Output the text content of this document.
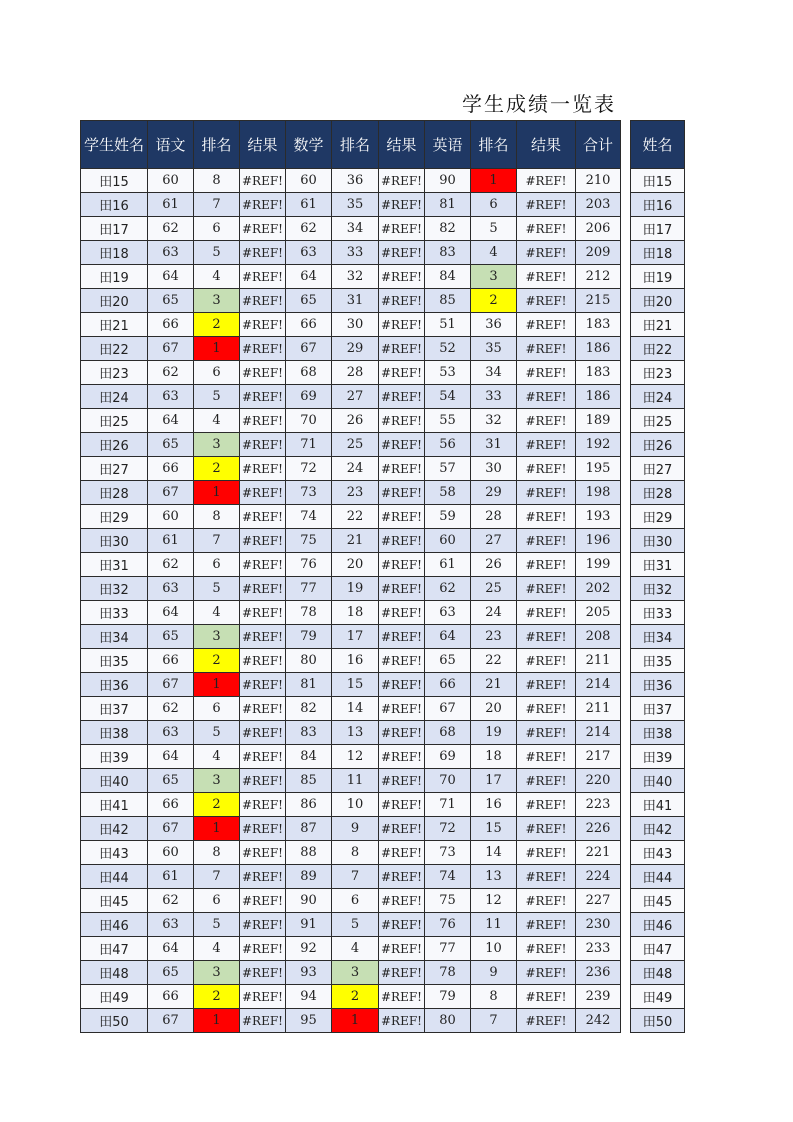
学生成绩一览表
学生姓名	语文	排名	结果	数学	排名	结果	英语	排名	结果	合计
田15	60	8	#REF!	60	36	#REF!	90	1	#REF!	210
田16	61	7	#REF!	61	35	#REF!	81	6	#REF!	203
田17	62	6	#REF!	62	34	#REF!	82	5	#REF!	206
田18	63	5	#REF!	63	33	#REF!	83	4	#REF!	209
田19	64	4	#REF!	64	32	#REF!	84	3	#REF!	212
田20	65	3	#REF!	65	31	#REF!	85	2	#REF!	215
田21	66	2	#REF!	66	30	#REF!	51	36	#REF!	183
田22	67	1	#REF!	67	29	#REF!	52	35	#REF!	186
田23	62	6	#REF!	68	28	#REF!	53	34	#REF!	183
田24	63	5	#REF!	69	27	#REF!	54	33	#REF!	186
田25	64	4	#REF!	70	26	#REF!	55	32	#REF!	189
田26	65	3	#REF!	71	25	#REF!	56	31	#REF!	192
田27	66	2	#REF!	72	24	#REF!	57	30	#REF!	195
田28	67	1	#REF!	73	23	#REF!	58	29	#REF!	198
田29	60	8	#REF!	74	22	#REF!	59	28	#REF!	193
田30	61	7	#REF!	75	21	#REF!	60	27	#REF!	196
田31	62	6	#REF!	76	20	#REF!	61	26	#REF!	199
田32	63	5	#REF!	77	19	#REF!	62	25	#REF!	202
田33	64	4	#REF!	78	18	#REF!	63	24	#REF!	205
田34	65	3	#REF!	79	17	#REF!	64	23	#REF!	208
田35	66	2	#REF!	80	16	#REF!	65	22	#REF!	211
田36	67	1	#REF!	81	15	#REF!	66	21	#REF!	214
田37	62	6	#REF!	82	14	#REF!	67	20	#REF!	211
田38	63	5	#REF!	83	13	#REF!	68	19	#REF!	214
田39	64	4	#REF!	84	12	#REF!	69	18	#REF!	217
田40	65	3	#REF!	85	11	#REF!	70	17	#REF!	220
田41	66	2	#REF!	86	10	#REF!	71	16	#REF!	223
田42	67	1	#REF!	87	9	#REF!	72	15	#REF!	226
田43	60	8	#REF!	88	8	#REF!	73	14	#REF!	221
田44	61	7	#REF!	89	7	#REF!	74	13	#REF!	224
田45	62	6	#REF!	90	6	#REF!	75	12	#REF!	227
田46	63	5	#REF!	91	5	#REF!	76	11	#REF!	230
田47	64	4	#REF!	92	4	#REF!	77	10	#REF!	233
田48	65	3	#REF!	93	3	#REF!	78	9	#REF!	236
田49	66	2	#REF!	94	2	#REF!	79	8	#REF!	239
田50	67	1	#REF!	95	1	#REF!	80	7	#REF!	242
姓名
田15
田16
田17
田18
田19
田20
田21
田22
田23
田24
田25
田26
田27
田28
田29
田30
田31
田32
田33
田34
田35
田36
田37
田38
田39
田40
田41
田42
田43
田44
田45
田46
田47
田48
田49
田50
